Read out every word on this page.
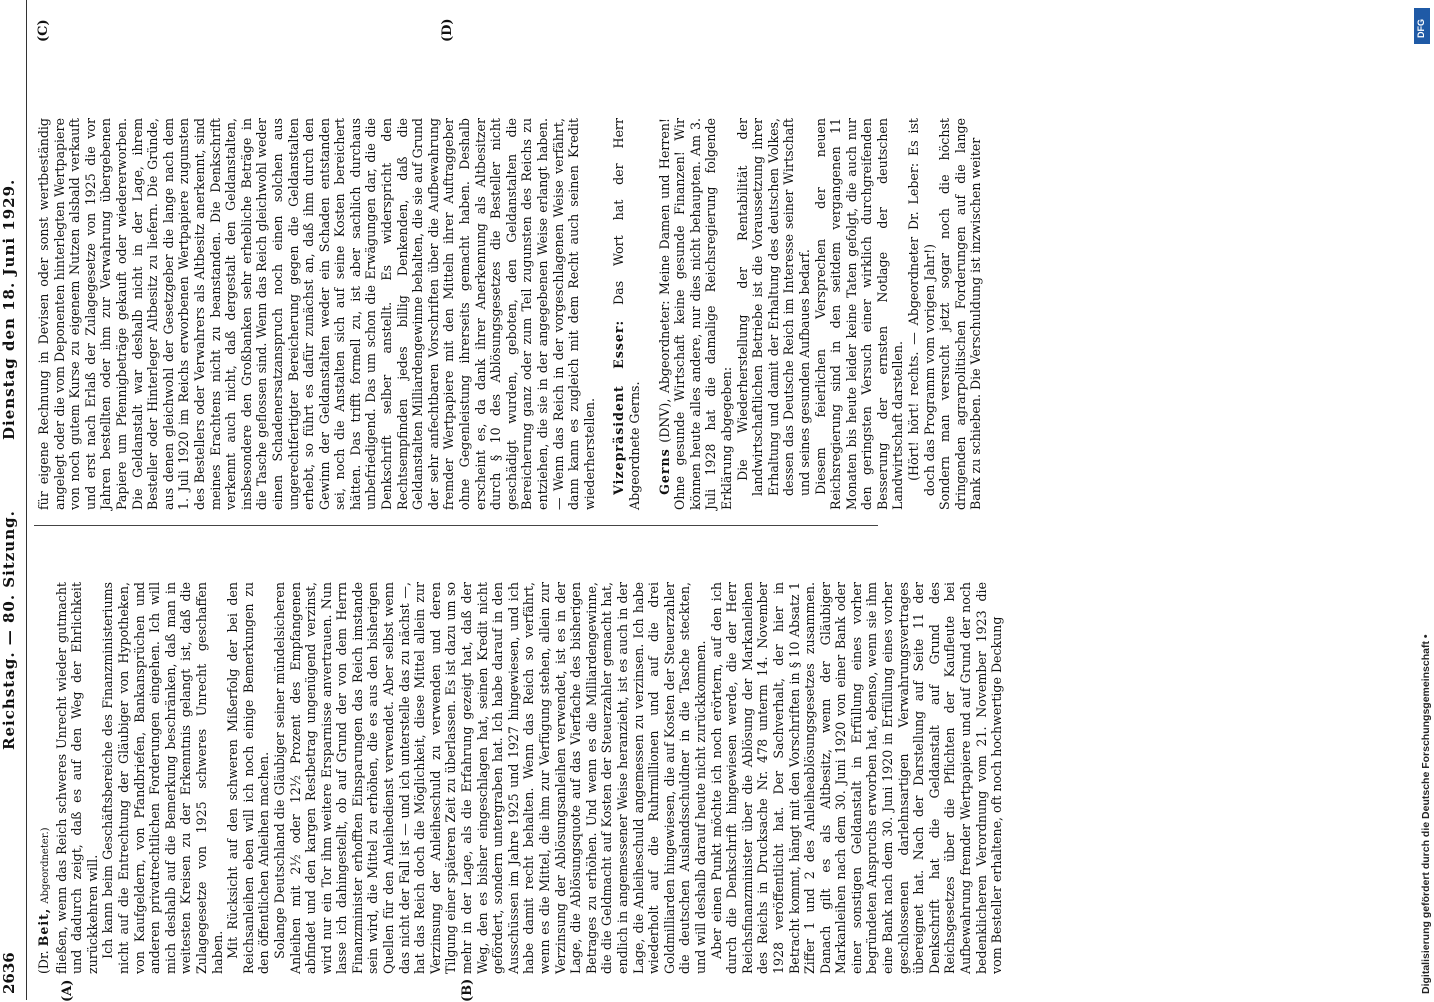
2636
Reichstag. — 80. Sitzung.
Dienstag den 18. Juni 1929.
(A)	(B)
(C)	(D)

(Dr. Beit, Abgeordneter.) fließen, wenn das Reich schweres Unrecht wieder gutmacht und dadurch zeigt, daß es auf den Weg der Ehrlichkeit zurückkehren will. Ich kann beim Geschäftsbereiche des Finanzministeriums nicht auf die Entrechtung der Gläubiger von Hypotheken, von Kaufgeldern, von Pfandbriefen, Bankansprüchen und anderen privatrechtlichen Forderungen eingehen. Ich will mich deshalb auf die Bemerkung beschränken, daß man in weitesten Kreisen zu der Erkenntnis gelangt ist, daß die Zulagegesetze von 1925 schweres Unrecht geschaffen haben. Mit Rücksicht auf den schweren Mißerfolg der bei den Reichsanleihen eben will ich noch einige Bemerkungen zu den öffentlichen Anleihen machen. Solange Deutschland die Gläubiger seiner mündelsicheren Anleihen mit 2½ oder 12½ Prozent des Empfangenen abfindet und den kargen Restbetrag ungenügend verzinst, wird nur ein Tor ihm weitere Ersparnisse anvertrauen. Nun lasse ich dahingestellt, ob auf Grund der von dem Herrn Finanzminister erhofften Einsparungen das Reich imstande sein wird, die Mittel zu erhöhen, die es aus den bisherigen Quellen für den Anleihedienst verwendet. Aber selbst wenn das nicht der Fall ist — und ich unterstelle das zu nächst —, hat das Reich doch die Möglichkeit, diese Mittel allein zur Verzinsung der Anleiheschuld zu verwenden und deren Tilgung einer späteren Zeit zu überlassen. Es ist dazu um so mehr in der Lage, als die Erfahrung gezeigt hat, daß der Weg, den es bisher eingeschlagen hat, seinen Kredit nicht gefördert, sondern untergraben hat. Ich habe darauf in den Ausschüssen im Jahre 1925 und 1927 hingewiesen, und ich habe damit recht behalten. Wenn das Reich so verfährt, wenn es die Mittel, die ihm zur Verfügung stehen, allein zur Verzinsung der Ablösungsanleihen verwendet, ist es in der Lage, die Ablösungsquote auf das Vierfache des bisherigen Betrages zu erhöhen. Und wenn es die Milliardengewinne, die die Geldmacht auf Kosten der Steuerzahler gemacht hat, endlich in angemessener Weise heranzieht, ist es auch in der Lage, die Anleiheschuld angemessen zu verzinsen. Ich habe wiederholt auf die Ruhrmillionen und auf die drei Goldmilliarden hingewiesen, die auf Kosten der Steuerzahler die deutschen Auslandsschuldner in die Tasche steckten, und will deshalb darauf heute nicht zurückkommen. Aber einen Punkt möchte ich noch erörtern, auf den ich durch die Denkschrift hingewiesen werde, die der Herr Reichsfinanzminister über die Ablösung der Markanleihen des Reichs in Drucksache Nr. 478 unterm 14. November 1928 veröffentlicht hat. Der Sachverhalt, der hier in Betracht kommt, hängt mit den Vorschriften in § 10 Absatz 1 Ziffer 1 und 2 des Anleiheablösungsgesetzes zusammen. Danach gilt es als Altbesitz, wenn der Gläubiger Markanleihen nach dem 30. Juni 1920 von einer Bank oder einer sonstigen Geldanstalt in Erfüllung eines vorher begründeten Anspruchs erworben hat, ebenso, wenn sie ihm eine Bank nach dem 30. Juni 1920 in Erfüllung eines vorher geschlossenen darlehnsartigen Verwahrungsvertrages übereignet hat. Nach der Darstellung auf Seite 11 der Denkschrift hat die Geldanstalt auf Grund des Reichsgesetzes über die Pflichten der Kaufleute bei Aufbewahrung fremder Wertpapiere und auf Grund der noch bedenklicheren Verordnung vom 21. November 1923 die vom Besteller erhaltene, oft noch hochwertige Deckung

für eigene Rechnung in Devisen oder sonst wertbeständig angelegt oder die vom Deponenten hinterlegten Wertpapiere von noch gutem Kurse zu eigenem Nutzen alsbald verkauft und erst nach Erlaß der Zulagegesetze von 1925 die vor Jahren bestellten oder ihm zur Verwahrung übergebenen Papiere um Pfennigbeträge gekauft oder wiedererworben. Die Geldanstalt war deshalb nicht in der Lage, ihrem Besteller oder Hinterleger Altbesitz zu liefern. Die Gründe, aus denen gleichwohl der Gesetzgeber die lange nach dem 1. Juli 1920 im Reichs erworbenen Wertpapiere zugunsten des Bestellers oder Verwahrers als Altbesitz anerkennt, sind meines Erachtens nicht zu beanstanden. Die Denkschrift verkennt auch nicht, daß dergestalt den Geldanstalten, insbesondere den Großbanken sehr erhebliche Beträge in die Tasche geflossen sind. Wenn das Reich gleichwohl weder einen Schadenersatzanspruch noch einen solchen aus ungerechtfertigter Bereicherung gegen die Geldanstalten erhebt, so führt es dafür zunächst an, daß ihm durch den Gewinn der Geldanstalten weder ein Schaden entstanden sei, noch die Anstalten sich auf seine Kosten bereichert hätten. Das trifft formell zu, ist aber sachlich durchaus unbefriedigend. Das um schon die Erwägungen dar, die die Denkschrift selber anstellt. Es widerspricht den Rechtsempfinden jedes billig Denkenden, daß die Geldanstalten Milliardengewinne behalten, die sie auf Grund der sehr anfechtbaren Vorschriften über die Aufbewahrung fremder Wertpapiere mit den Mitteln ihrer Auftraggeber ohne Gegenleistung ihrerseits gemacht haben. Deshalb erscheint es, da dank ihrer Anerkennung als Altbesitzer durch § 10 des Ablösungsgesetzes die Besteller nicht geschädigt wurden, geboten, den Geldanstalten die Bereicherung ganz oder zum Teil zugunsten des Reichs zu entziehen, die sie in der angegebenen Weise erlangt haben. — Wenn das Reich in der vorgeschlagenen Weise verfährt, dann kann es zugleich mit dem Recht auch seinen Kredit wiederherstellen. Vizepräsident Esser: Das Wort hat der Herr Abgeordnete Gerns. Gerns (DNV), Abgeordneter: Meine Damen und Herren! Ohne gesunde Wirtschaft keine gesunde Finanzen! Wir können heute alles andere, nur dies nicht behaupten. Am 3. Juli 1928 hat die damalige Reichsregierung folgende Erklärung abgegeben: Die Wiederherstellung der Rentabilität der landwirtschaftlichen Betriebe ist die Voraussetzung ihrer Erhaltung und damit der Erhaltung des deutschen Volkes, dessen das Deutsche Reich im Interesse seiner Wirtschaft und seines gesunden Aufbaues bedarf. Diesem feierlichen Versprechen der neuen Reichsregierung sind in den seitdem vergangenen 11 Monaten bis heute leider keine Taten gefolgt, die auch nur den geringsten Versuch einer wirklich durchgreifenden Besserung der ernsten Notlage der deutschen Landwirtschaft darstellen. (Hört! hört! rechts. — Abgeordneter Dr. Leber: Es ist doch das Programm vom vorigen Jahr!) Sondern man versucht jetzt sogar noch die höchst dringenden agrarpolitischen Forderungen auf die lange Bank zu schieben. Die Verschuldung ist inzwischen weiter

DFG
Digitalisierung gefördert durch die Deutsche Forschungsgemeinschaft •
